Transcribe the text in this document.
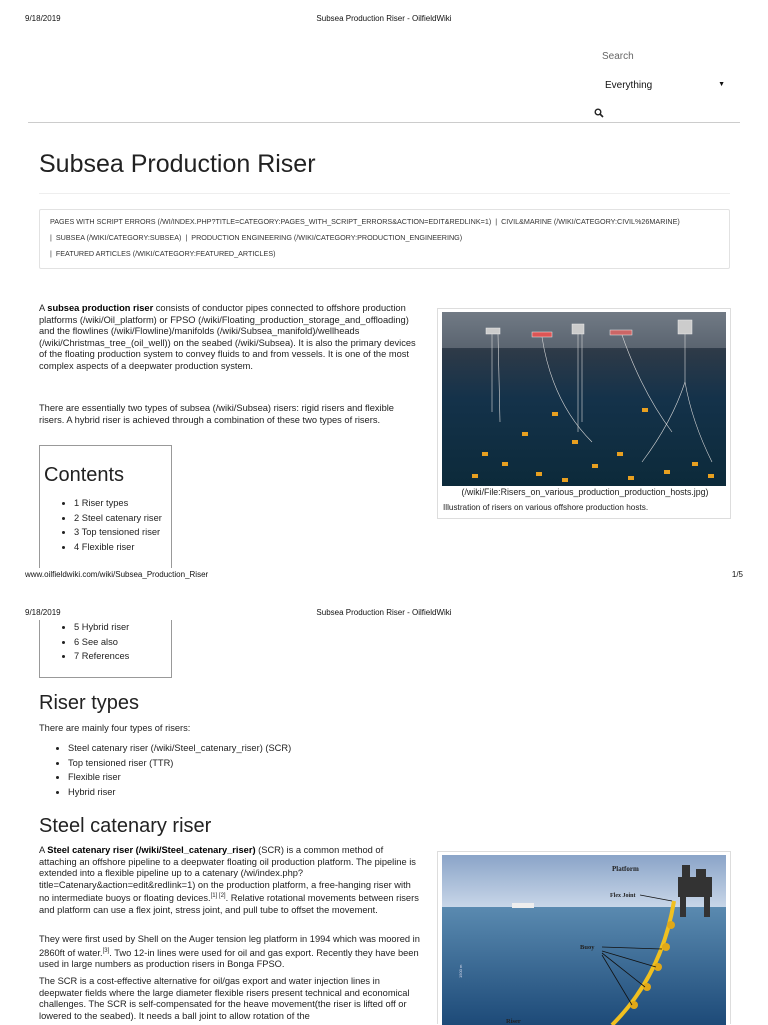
9/18/2019	Subsea Production Riser - OilfieldWiki
Search
Everything	▼
Subsea Production Riser
PAGES WITH SCRIPT ERRORS (/WI/INDEX.PHP?TITLE=CATEGORY:PAGES_WITH_SCRIPT_ERRORS&ACTION=EDIT&REDLINK=1)  |  CIVIL&MARINE (/WIKI/CATEGORY:CIVIL%26MARINE)
|  SUBSEA (/WIKI/CATEGORY:SUBSEA)  |  PRODUCTION ENGINEERING (/WIKI/CATEGORY:PRODUCTION_ENGINEERING)
|  FEATURED ARTICLES (/WIKI/CATEGORY:FEATURED_ARTICLES)
A subsea production riser consists of conductor pipes connected to offshore production platforms (/wiki/Oil_platform) or FPSO (/wiki/Floating_production_storage_and_offloading) and the flowlines (/wiki/Flowline)/manifolds (/wiki/Subsea_manifold)/wellheads (/wiki/Christmas_tree_(oil_well)) on the seabed (/wiki/Subsea). It is also the primary devices of the floating production system to convey fluids to and from vessels. It is one of the most complex aspects of a deepwater production system.
There are essentially two types of subsea (/wiki/Subsea) risers: rigid risers and flexible risers. A hybrid riser is achieved through a combination of these two types of risers.
(/wiki/File:Risers_on_various_production_production_hosts.jpg)
Illustration of risers on various offshore production hosts.
Contents
• 1 Riser types
• 2 Steel catenary riser
• 3 Top tensioned riser
• 4 Flexible riser
www.oilfieldwiki.com/wiki/Subsea_Production_Riser	1/5
9/18/2019	Subsea Production Riser - OilfieldWiki
• 5 Hybrid riser
• 6 See also
• 7 References
Riser types
There are mainly four types of risers:
• Steel catenary riser (/wiki/Steel_catenary_riser) (SCR)
• Top tensioned riser (TTR)
• Flexible riser
• Hybrid riser
Steel catenary riser
A Steel catenary riser (/wiki/Steel_catenary_riser) (SCR) is a common method of attaching an offshore pipeline to a deepwater floating oil production platform. The pipeline is extended into a flexible pipeline up to a catenary (/wi/index.php?title=Catenary&action=edit&redlink=1) on the production platform, a free-hanging riser with no intermediate buoys or floating devices.[1] [2]. Relative rotational movements between risers and platform can use a flex joint, stress joint, and pull tube to offset the movement.
They were first used by Shell on the Auger tension leg platform in 1994 which was moored in 2860ft of water.[3]. Two 12-in lines were used for oil and gas export. Recently they have been used in large numbers as production risers in Bonga FPSO.
The SCR is a cost-effective alternative for oil/gas export and water injection lines in deepwater fields where the large diameter flexible risers present technical and economical challenges. The SCR is self-compensated for the heave movement(the riser is lifted off or lowered to the seabed). It needs a ball joint to allow rotation of the
Platform
Flex Joint
Buoy
Riser
1500 m
